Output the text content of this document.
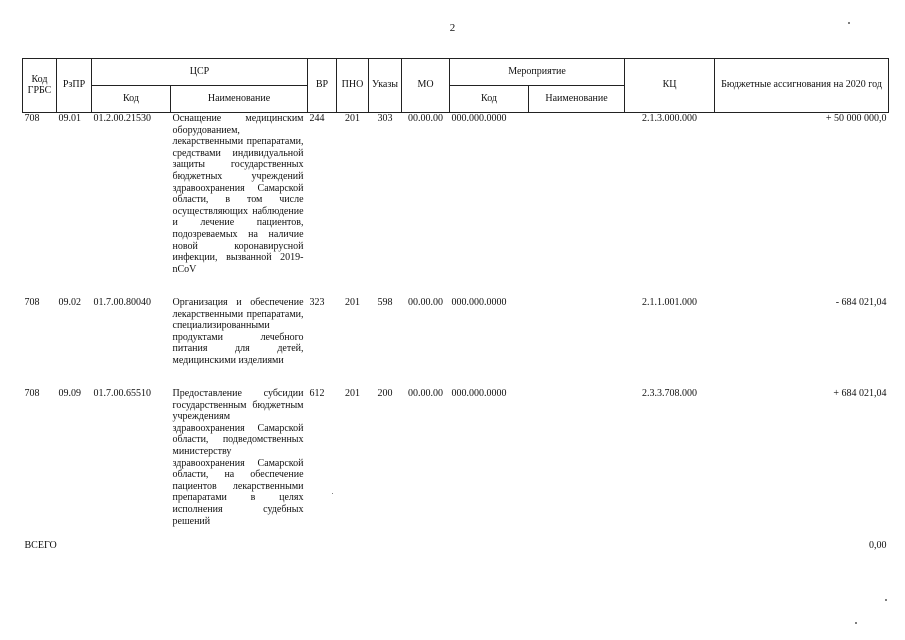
2
Код ГРБС	РзПР	ЦСР		ВР	ПНО	Указы	МО	Мероприятие		КЦ	Бюджетные ассигнования на 2020 год
		Код	Наименование					Код	Наименование		
708	09.01	01.2.00.21530	Оснащение медицинским оборудованием, лекарственными препаратами, средствами индивидуальной защиты государственных бюджетных учреждений здравоохранения Самарской области, в том числе осуществляющих наблюдение и лечение пациентов, подозреваемых на наличие новой коронавирусной инфекции, вызванной 2019-nCoV	244	201	303	00.00.00	000.000.0000		2.1.3.000.000	+ 50 000 000,0
708	09.02	01.7.00.80040	Организация и обеспечение лекарственными препаратами, специализированными продуктами лечебного питания для детей, медицинскими изделиями	323	201	598	00.00.00	000.000.0000		2.1.1.001.000	- 684 021,04
708	09.09	01.7.00.65510	Предоставление субсидии государственным бюджетным учреждениям здравоохранения Самарской области, подведомственных министерству здравоохранения Самарской области, на обеспечение пациентов лекарственными препаратами в целях исполнения судебных решений	612	201	200	00.00.00	000.000.0000		2.3.3.708.000	+ 684 021,04
ВСЕГО											0,00
